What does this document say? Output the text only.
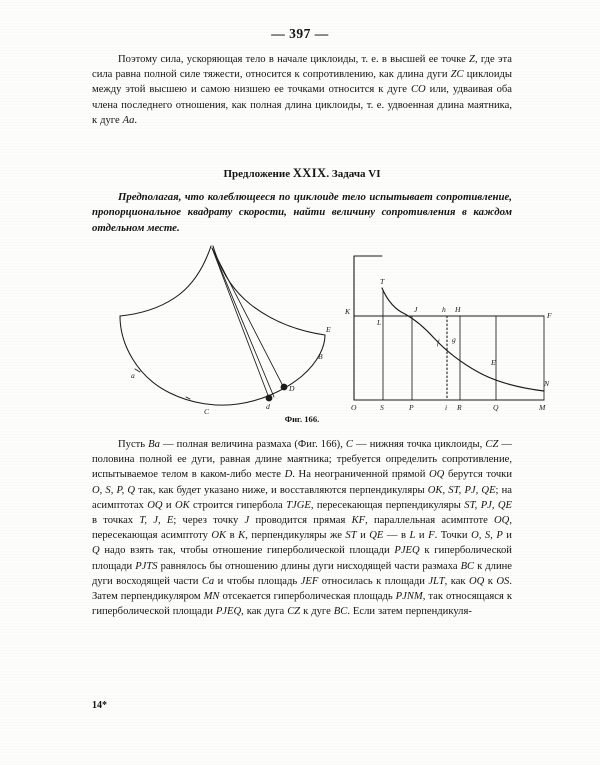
— 397 —

Поэтому сила, ускоряющая тело в начале циклоиды, т. е. в высшей ее точке Z, где эта сила равна полной силе тяжести, относится к сопротивлению, как длина дуги ZC циклоиды между этой высшею и самою низшею ее точками относится к дуге CO или, удваивая оба члена последнего отношения, как полная длина циклоиды, т. е. удвоенная длина маятника, к дуге Aa.

Предложение XXIX. Задача VI
Предполагая, что колеблющееся по циклоиде тело испытывает сопротивление, пропорциональное квадрату скорости, найти величину сопротивления в каждом отдельном месте.
a
C
d
D
B
E
O	S	P	i R	Q	M
K
L
J	h H
F
T
f g
E
N
Фиг. 166.

Пусть Ba — полная величина размаха (Фиг. 166), C — нижняя точка циклоиды, CZ — половина полной ее дуги, равная длине маятника; требуется определить сопротивление, испытываемое телом в каком-либо месте D. На неограниченной прямой OQ берутся точки O, S, P, Q так, как будет указано ниже, и восставляются перпендикуляры OK, ST, PJ, QE; на асимптотах OQ и OK строится гипербола TJGE, пересекающая перпендикуляры ST, PJ, QE в точках T, J, E; через точку J проводится прямая KF, параллельная асимптоте OQ, пересекающая асимптоту OK в K, перпендикуляры же ST и QE — в L и F. Точки O, S, P и Q надо взять так, чтобы отношение гиперболической площади PJEQ к гиперболической площади PJTS равнялось бы отношению длины дуги нисходящей части размаха BC к длине дуги восходящей части Ca и чтобы площадь JEF относилась к площади JLT, как OQ к OS. Затем перпендикуляром MN отсекается гиперболическая площадь PJNM, так относящаяся к гиперболической площади PJEQ, как дуга CZ к дуге BC. Если затем перпендикуля-

14*
